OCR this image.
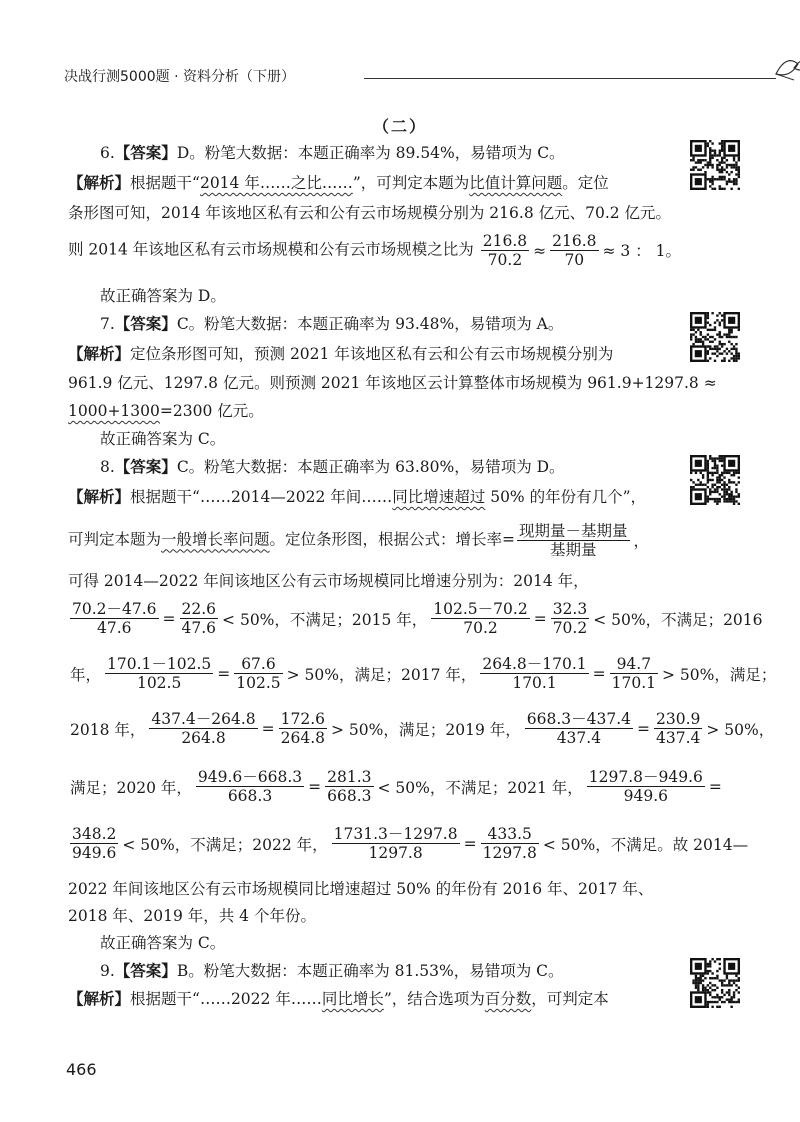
决战行测5000题 · 资料分析（下册）
（二）
6.【答案】D。粉笔大数据：本题正确率为 89.54%，易错项为 C。
【解析】根据题干“2014 年……之比……”，可判定本题为比值计算问题。定位
条形图可知，2014 年该地区私有云和公有云市场规模分别为 216.8 亿元、70.2 亿元。
则 2014 年该地区私有云市场规模和公有云市场规模之比为 $\frac{216.8}{70.2} \approx \frac{216.8}{70} \approx 3$ ： 1。
故正确答案为 D。
7.【答案】C。粉笔大数据：本题正确率为 93.48%，易错项为 A。
【解析】定位条形图可知，预测 2021 年该地区私有云和公有云市场规模分别为
961.9 亿元、1297.8 亿元。则预测 2021 年该地区云计算整体市场规模为 961.9+1297.8 ≈
1000+1300=2300 亿元。
故正确答案为 C。
8.【答案】C。粉笔大数据：本题正确率为 63.80%，易错项为 D。
【解析】根据题干“……2014—2022 年间……同比增速超过 50% 的年份有几个”，
可判定本题为一般增长率问题。定位条形图，根据公式：增长率= $\frac{\text{现期量－基期量}}{\text{基期量}}$ ，
可得 2014—2022 年间该地区公有云市场规模同比增速分别为：2014 年，
$\frac{70.2-47.6}{47.6} = \frac{22.6}{47.6} < 50\%$，不满足；2015 年， $\frac{102.5-70.2}{70.2} = \frac{32.3}{70.2} < 50\%$，不满足；2016
年， $\frac{170.1-102.5}{102.5} = \frac{67.6}{102.5} > 50\%$，满足；2017 年， $\frac{264.8-170.1}{170.1} = \frac{94.7}{170.1} > 50\%$，满足；
2018 年， $\frac{437.4-264.8}{264.8} = \frac{172.6}{264.8} > 50\%$，满足；2019 年， $\frac{668.3-437.4}{437.4} = \frac{230.9}{437.4} > 50\%$，
满足；2020 年， $\frac{949.6-668.3}{668.3} = \frac{281.3}{668.3} < 50\%$，不满足；2021 年， $\frac{1297.8-949.6}{949.6}$ =
$\frac{348.2}{949.6} < 50\%$，不满足；2022 年， $\frac{1731.3-1297.8}{1297.8} = \frac{433.5}{1297.8} < 50\%$，不满足。故 2014—
2022 年间该地区公有云市场规模同比增速超过 50% 的年份有 2016 年、2017 年、
2018 年、2019 年，共 4 个年份。
故正确答案为 C。
9.【答案】B。粉笔大数据：本题正确率为 81.53%，易错项为 C。
【解析】根据题干“……2022 年……同比增长”，结合选项为百分数，可判定本
466
